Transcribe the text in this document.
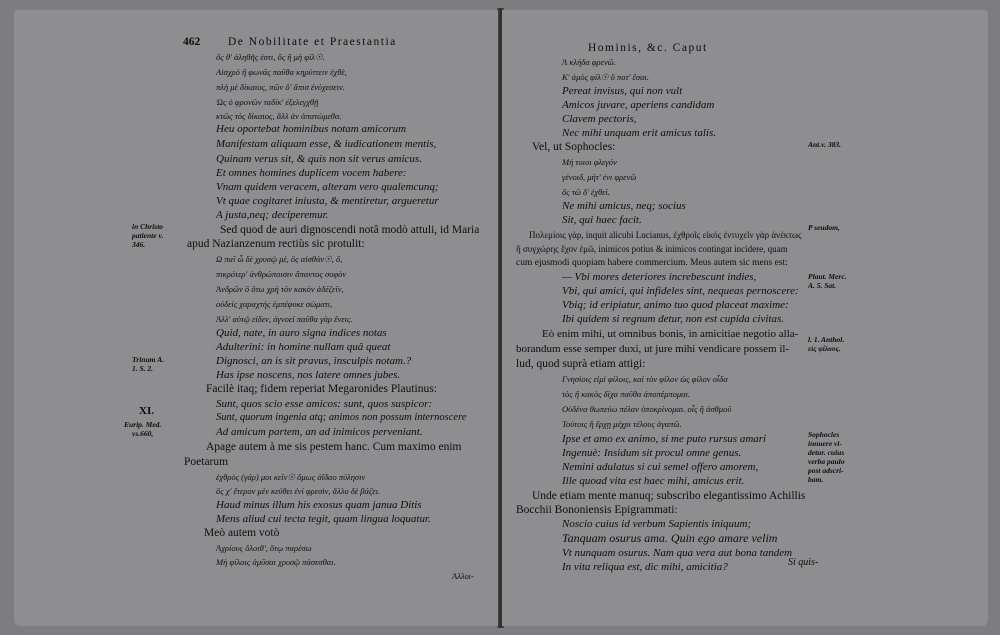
462 De Nobilitate et Praestantia
ὅς θ' ἀληθῆς ἐστι, ὅς ἢ μὴ φίλ☉.
Αἰσχρὸ ἢ φωνᾶς παῦθα κηρύττειν ἐχθὲ,
πλὴ μὲ δίκαιος, πῶν ὃ' ἄπισ ἐνύχεσειν.
Ὡς ὁ φρονῶν ταδίκ' ἐξελεγχθῇ
κτῶς τὸς δίκαιος, ἄλλ ἀν ἀπατώμεθα.
Heu oportebat hominibus notam amicorum
Manifestam aliquam esse, & iudicationem mentis,
Quinam verus sit, & quis non sit verus amicus.
Et omnes homines duplicem vocem habere:
Vnam quidem veracem, alteram vero qualemcunq;
Vt quae cogitaret iniusta, & mentiretur, argueretur
A justa,neq; deciperemur.
Sed quod de auri dignoscendi notâ modò attuli, id Maria
apud Nazianzenum rectiùs sic protulit:
Ω παῖ ὦ δὲ χρυσῷ μὲ, ὃς αἰσθάν☉, ὅ,
πικρότερ' ἀνθρώποισιν ἄπαντος σοφὸν
Ἀνδρῶν ὃ ὅτω χρὴ τὸν κακὸν ἀδέζεῖν,
οὐδεὶς χαραχτὴς ἐμπέφυκε σώματι,
Ἀλλ' αὐτῷ εἰδεν, ἀγνοεῖ παῦθα γὰρ ἔνεις.
Quid, nate, in auro signa indices notas
Adulterini: in homine nullam quâ queat
Dignosci, an is sit pravus, insculpis notam.?
Has ipse noscens, nos latere omnes jubes.
Facilè itaq; fidem reperiat Megaronides Plautinus:
Sunt, quos scio esse amicos: sunt, quos suspicor:
Sunt, quorum ingenia atq; animos non possum internoscere
Ad amicum partem, an ad inimicos perveniant.
Apage autem à me sis pestem hanc. Cum maximo enim
Poetarum
ἐχθρὸς (γάρ) μοι κεῖν☉ ὅμως ἀΐδαο πύλησιν
ὅς χ' ἕτερον μὲν κεύθει ἐνὶ φρεσὶν, ἄλλο δὲ βάζει.
Haud minus illum his exosus quam janua Ditis
Mens aliud cui tecta tegit, quam lingua loquatur.
Meò autem votò
Ἀχρίους ὄλοιθ', ὅτῳ παρέσω
Μὴ φίλοις ἀμῦσαι χρυσῷ πάσεσθαι.
in Christo
patiente v.
346.
Trinum A.
1. S. 2.
XI.
Eurip. Med.
vs.660,
Ἀλλοι-
Hominis, &c. Caput
Ἀ κλήδα φρενῶ.
Κ' ἀμὸς φίλ☉ ὅ ποτ' ἔσαι.
Pereat invisus, qui non vult
Amicos juvare, aperiens candidam
Clavem pectoris,
Nec mihi unquam erit amicus talis.
Vel, ut Sophocles:
Μή τοιοι φλεγόν
γένοιδ, μήτ' ἐνι φρενῶ
ὅς τῶ δ' ἐχθεῖ.
Ne mihi amicus, neq; socius
Sit, qui haec facit.
Πολεμίοις γὰρ, inquit alicubi Lucianus, ἐχθροῖς εἰκός ἐντυχεῖν γὰρ ἀνέκτως
ἢ συγχώρης ἔχον ἐμῶ, inimicos potius & inimicos contingat incidere, quam
cum ejusmodi quopiam habere commercium. Meus autem sic mens est:
— Vbi mores deteriores increbescunt indies,
Vbi, qui amici, qui infideles sint, nequeas pernoscere:
Vbiq; id eripiatur, animo tuo quod placeat maxime:
Ibi quidem si regnum detur, non est cupida civitas.
Eò enim mihi, ut omnibus bonis, in amicitiae negotio alla-
borandum esse semper duxi, ut jure mihi vendicare possem il-
lud, quod suprà etiam attigi:
Γνησίοις εἰμὶ φίλοις, καὶ τὸν φίλον ὡς φίλον οἶδα
τὸς ἢ κακὸς δίχα παῦθα ἀποπέμπομαι.
Οὐδὲνα θωπεύω πέλαν ὑποκρίνομαι. οἷς ἢ ἀσθμοῦ
Τούτοις ἢ ἔρχῃ μέχρι τέλους ἀγαπῶ.
Ipse et amo ex animo, si me puto rursus amari
Ingenuè: Insidum sit procul omne genus.
Nemini adulatus si cui semel offero amorem,
Ille quoad vita est haec mihi, amicus erit.
Unde etiam mente manuq; subscribo elegantissimo Achillis
Bocchii Bononiensis Epigrammati:
Noscio cuius id verbum Sapientis iniquum;
Tanquam osurus ama. Quin ego amare velim
Vt nunquam osurus. Nam qua vera aut bona tandem
In vita reliqua est, dic mihi, amicitia?
Ant.v. 383.
P seudom,
Plaut. Merc.
A. 5. Sat.
l. 1. Anthol.
εἰς φίλους.
Sophocles
innuere vi-
detur. cuius
verba paulo
post adscri-
bam.
Si quis-
